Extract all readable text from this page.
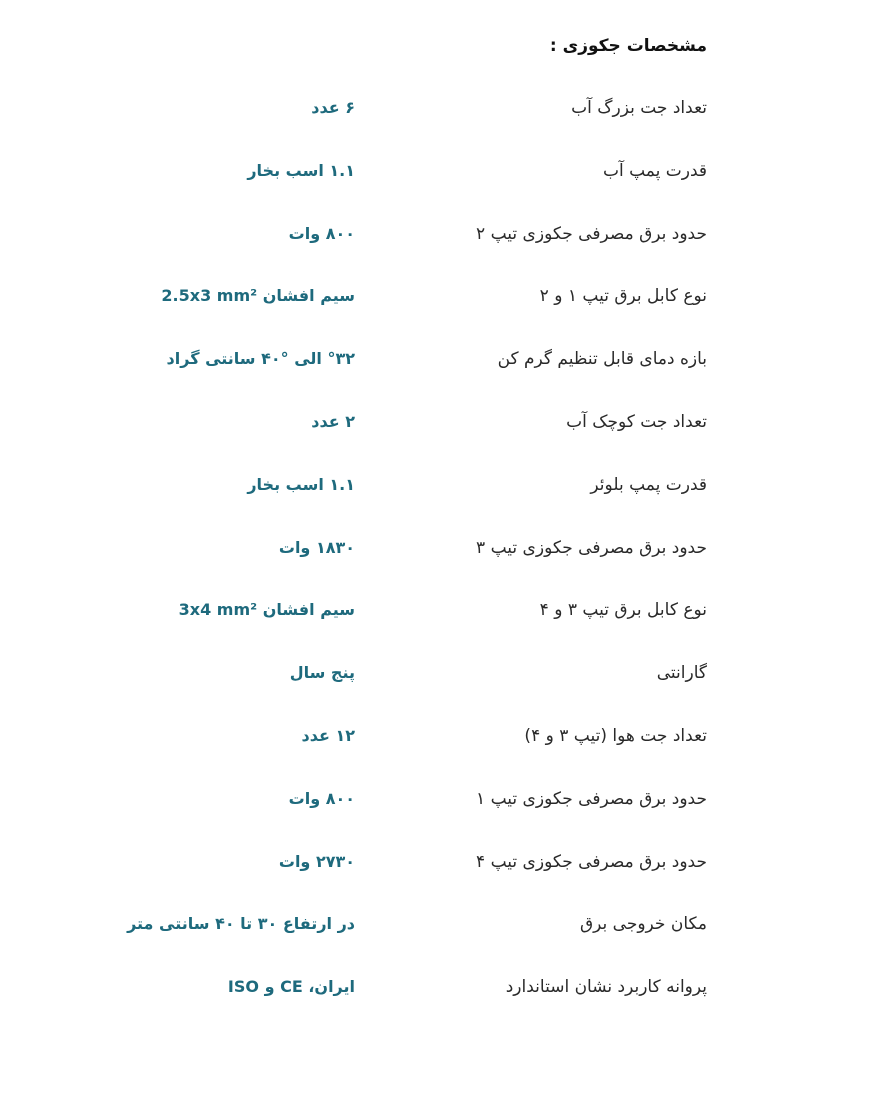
مشخصات جکوزی :
تعداد جت بزرگ آب
۶ عدد
قدرت پمپ آب
۱.۱ اسب بخار
حدود برق مصرفی جکوزی تیپ ۲
۸۰۰ وات
نوع کابل برق تیپ ۱ و ۲
سیم افشان 2.5x3 mm²
بازه دمای قابل تنظیم گرم کن
°۳۲ الی °۴۰ سانتی گراد
تعداد جت کوچک آب
۲ عدد
قدرت پمپ بلوئر
۱.۱ اسب بخار
حدود برق مصرفی جکوزی تیپ ۳
۱۸۳۰ وات
نوع کابل برق تیپ ۳ و ۴
سیم افشان 3x4 mm²
گارانتی
پنج سال
تعداد جت هوا (تیپ ۳ و ۴)
۱۲ عدد
حدود برق مصرفی جکوزی تیپ ۱
۸۰۰ وات
حدود برق مصرفی جکوزی تیپ ۴
۲۷۳۰ وات
مکان خروجی برق
در ارتفاع ۳۰ تا ۴۰ سانتی متر
پروانه کاربرد نشان استاندارد
ایران، CE و ISO
